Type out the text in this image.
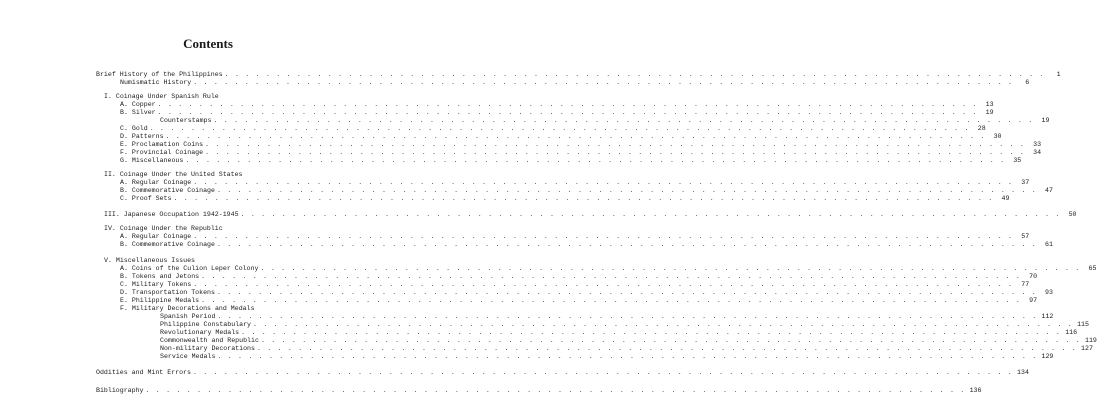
Contents
Brief History of the Philippines . . . . . . . . . . . . . . . . . . . . . . . . . . . . . . . . . . . . . . . . . . . . . . . . . . . . . . . . . . . . . . . . . . . . . . . . . . . . . . . .	1
Numismatic History . . . . . . . . . . . . . . . . . . . . . . . . . . . . . . . . . . . . . . . . . . . . . . . . . . . . . . . . . . . . . . . . . . . . . . . . . . . . . . . .	6
I. Coinage Under Spanish Rule
A. Copper . . . . . . . . . . . . . . . . . . . . . . . . . . . . . . . . . . . . . . . . . . . . . . . . . . . . . . . . . . . . . . . . . . . . . . . . . . . . . . . .	13
B. Silver . . . . . . . . . . . . . . . . . . . . . . . . . . . . . . . . . . . . . . . . . . . . . . . . . . . . . . . . . . . . . . . . . . . . . . . . . . . . . . . .	19
Counterstamps . . . . . . . . . . . . . . . . . . . . . . . . . . . . . . . . . . . . . . . . . . . . . . . . . . . . . . . . . . . . . . . . . . . . . . . . . . . . . . . .	19
C. Gold . . . . . . . . . . . . . . . . . . . . . . . . . . . . . . . . . . . . . . . . . . . . . . . . . . . . . . . . . . . . . . . . . . . . . . . . . . . . . . . .	28
D. Patterns . . . . . . . . . . . . . . . . . . . . . . . . . . . . . . . . . . . . . . . . . . . . . . . . . . . . . . . . . . . . . . . . . . . . . . . . . . . . . . . .	30
E. Proclamation Coins . . . . . . . . . . . . . . . . . . . . . . . . . . . . . . . . . . . . . . . . . . . . . . . . . . . . . . . . . . . . . . . . . . . . . . . . . . . . . . . .	33
F. Provincial Coinage . . . . . . . . . . . . . . . . . . . . . . . . . . . . . . . . . . . . . . . . . . . . . . . . . . . . . . . . . . . . . . . . . . . . . . . . . . . . . . . .	34
G. Miscellaneous . . . . . . . . . . . . . . . . . . . . . . . . . . . . . . . . . . . . . . . . . . . . . . . . . . . . . . . . . . . . . . . . . . . . . . . . . . . . . . . .	35
II. Coinage Under the United States
A. Regular Coinage . . . . . . . . . . . . . . . . . . . . . . . . . . . . . . . . . . . . . . . . . . . . . . . . . . . . . . . . . . . . . . . . . . . . . . . . . . . . . . . .	37
B. Commemorative Coinage . . . . . . . . . . . . . . . . . . . . . . . . . . . . . . . . . . . . . . . . . . . . . . . . . . . . . . . . . . . . . . . . . . . . . . . . . . . . . . . .	47
C. Proof Sets . . . . . . . . . . . . . . . . . . . . . . . . . . . . . . . . . . . . . . . . . . . . . . . . . . . . . . . . . . . . . . . . . . . . . . . . . . . . . . . .	49
III. Japanese Occupation 1942-1945 . . . . . . . . . . . . . . . . . . . . . . . . . . . . . . . . . . . . . . . . . . . . . . . . . . . . . . . . . . . . . . . . . . . . . . . . . . . . . . . .	50
IV. Coinage Under the Republic
A. Regular Coinage . . . . . . . . . . . . . . . . . . . . . . . . . . . . . . . . . . . . . . . . . . . . . . . . . . . . . . . . . . . . . . . . . . . . . . . . . . . . . . . .	57
B. Commemorative Coinage . . . . . . . . . . . . . . . . . . . . . . . . . . . . . . . . . . . . . . . . . . . . . . . . . . . . . . . . . . . . . . . . . . . . . . . . . . . . . . . .	61
V. Miscellaneous Issues
A. Coins of the Culion Leper Colony . . . . . . . . . . . . . . . . . . . . . . . . . . . . . . . . . . . . . . . . . . . . . . . . . . . . . . . . . . . . . . . . . . . . . . . . . . . . . . . .	65
B. Tokens and Jetons . . . . . . . . . . . . . . . . . . . . . . . . . . . . . . . . . . . . . . . . . . . . . . . . . . . . . . . . . . . . . . . . . . . . . . . . . . . . . . . .	70
C. Military Tokens . . . . . . . . . . . . . . . . . . . . . . . . . . . . . . . . . . . . . . . . . . . . . . . . . . . . . . . . . . . . . . . . . . . . . . . . . . . . . . . .	77
D. Transportation Tokens . . . . . . . . . . . . . . . . . . . . . . . . . . . . . . . . . . . . . . . . . . . . . . . . . . . . . . . . . . . . . . . . . . . . . . . . . . . . . . . .	93
E. Philippine Medals . . . . . . . . . . . . . . . . . . . . . . . . . . . . . . . . . . . . . . . . . . . . . . . . . . . . . . . . . . . . . . . . . . . . . . . . . . . . . . . .	97
F. Military Decorations and Medals
Spanish Period . . . . . . . . . . . . . . . . . . . . . . . . . . . . . . . . . . . . . . . . . . . . . . . . . . . . . . . . . . . . . . . . . . . . . . . . . . . . . . . . 112
Philippine Constabulary . . . . . . . . . . . . . . . . . . . . . . . . . . . . . . . . . . . . . . . . . . . . . . . . . . . . . . . . . . . . . . . . . . . . . . . . . . . . . . . . 115
Revolutionary Medals . . . . . . . . . . . . . . . . . . . . . . . . . . . . . . . . . . . . . . . . . . . . . . . . . . . . . . . . . . . . . . . . . . . . . . . . . . . . . . . . 116
Commonwealth and Republic . . . . . . . . . . . . . . . . . . . . . . . . . . . . . . . . . . . . . . . . . . . . . . . . . . . . . . . . . . . . . . . . . . . . . . . . . . . . . . . . 119
Non-military Decorations . . . . . . . . . . . . . . . . . . . . . . . . . . . . . . . . . . . . . . . . . . . . . . . . . . . . . . . . . . . . . . . . . . . . . . . . . . . . . . . . 127
Service Medals . . . . . . . . . . . . . . . . . . . . . . . . . . . . . . . . . . . . . . . . . . . . . . . . . . . . . . . . . . . . . . . . . . . . . . . . . . . . . . . . 129
Oddities and Mint Errors . . . . . . . . . . . . . . . . . . . . . . . . . . . . . . . . . . . . . . . . . . . . . . . . . . . . . . . . . . . . . . . . . . . . . . . . . . . . . . . . 134
Bibliography . . . . . . . . . . . . . . . . . . . . . . . . . . . . . . . . . . . . . . . . . . . . . . . . . . . . . . . . . . . . . . . . . . . . . . . . . . . . . . . . 136
